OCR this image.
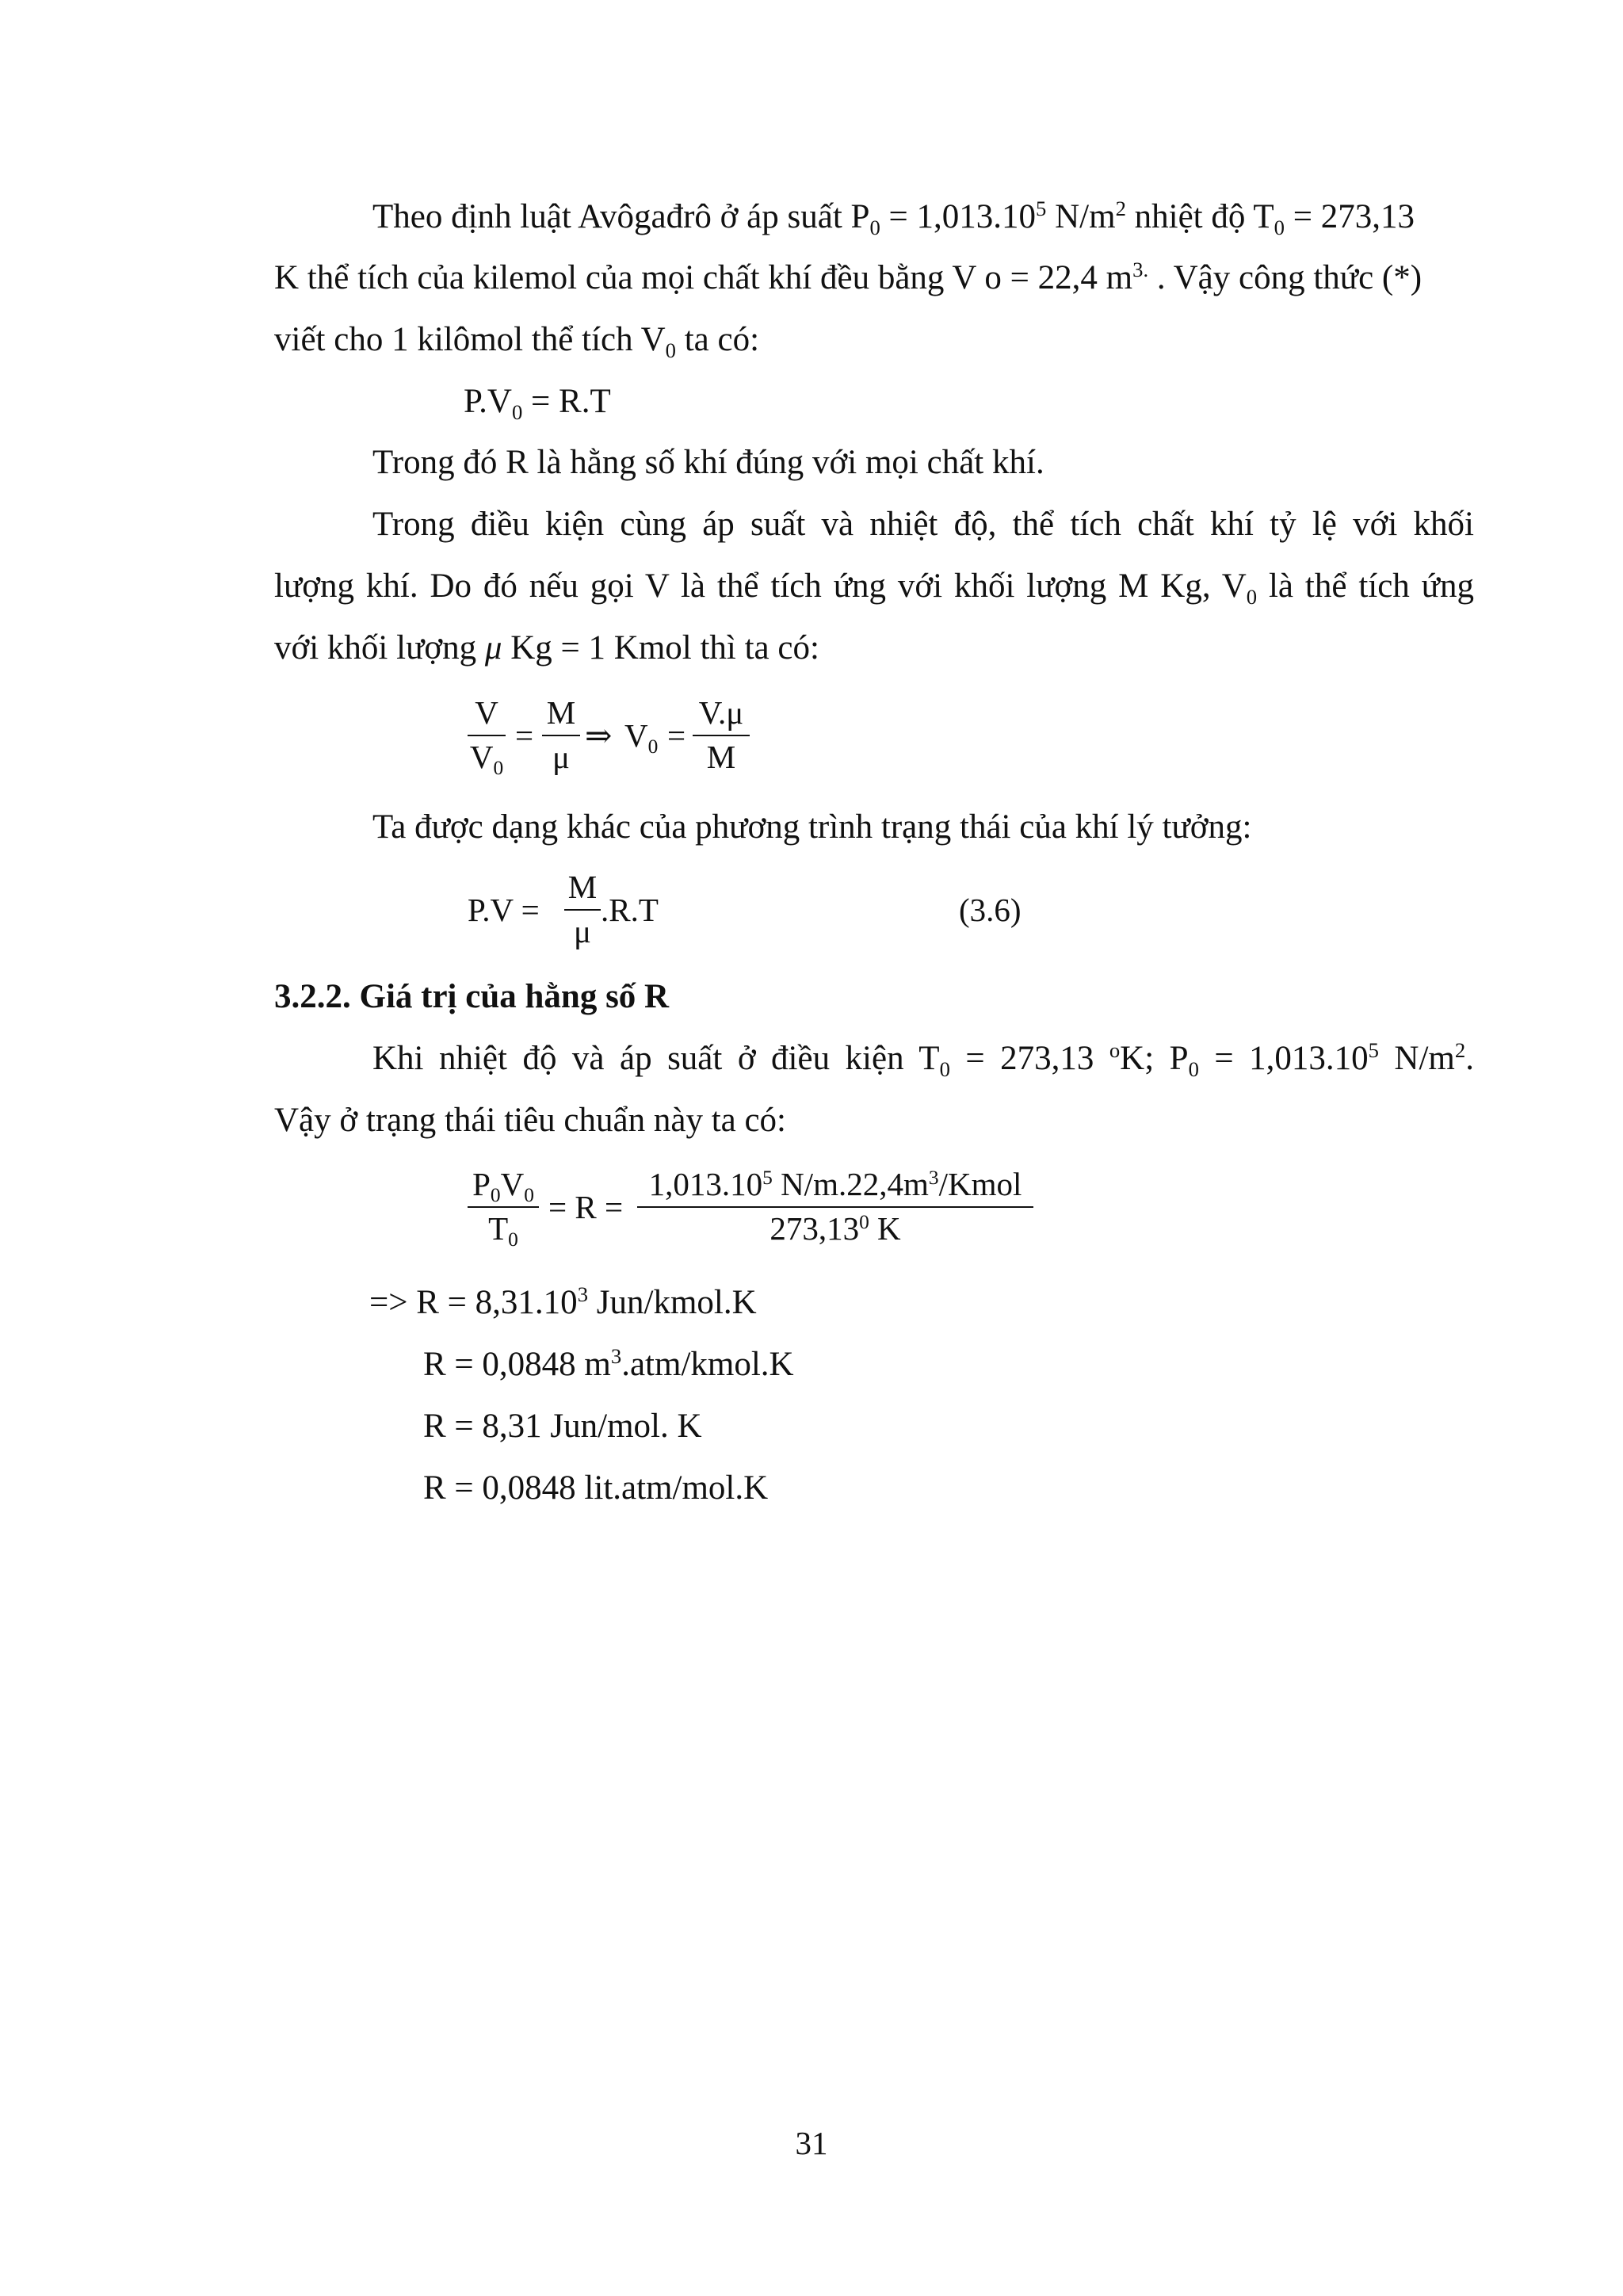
Theo định luật Avôgađrô ở áp suất $P_0 = 1,013.10^5$ $N/m^2$ nhiệt độ $T_0 = 273,13$
K thể tích của kilemol của mọi chất khí đều bằng V o = 22,4 $m^{3.}$ . Vậy công thức (*)
viết cho 1 kilômol thể tích $V_0$ ta có:
$P.V_0 = R.T$
Trong đó R là hằng số khí đúng với mọi chất khí.
Trong điều kiện cùng áp suất và nhiệt độ, thể tích chất khí tỷ lệ với khối
lượng khí. Do đó nếu gọi V là thể tích ứng với khối lượng M Kg, $V_0$ là thể tích ứng
với khối lượng μ Kg = 1 Kmol thì ta có:
V
$V_0$
=
M
μ
⇒ $V_0$ =
V.μ
M
Ta được dạng khác của phương trình trạng thái của khí lý tưởng:
P.V =
M
μ
.R.T	(3.6)
3.2.2. Giá trị của hằng số R
Khi nhiệt độ và áp suất ở điều kiện $T_0 = 273,13$ $^o$K; $P_0 = 1,013.10^5$ $N/m^2$.
Vậy ở trạng thái tiêu chuẩn này ta có:
$P_0V_0$
$T_0$
= R =
$1,013.10^5$ $N/m.22,4m^3$/Kmol
273,13$^0$ K
=> $R = 8,31.10^3$ Jun/kmol.K
R = 0,0848 $m^3.atm/kmol.K$
R = 8,31 Jun/mol. K
R = 0,0848 lit.atm/mol.K
31
